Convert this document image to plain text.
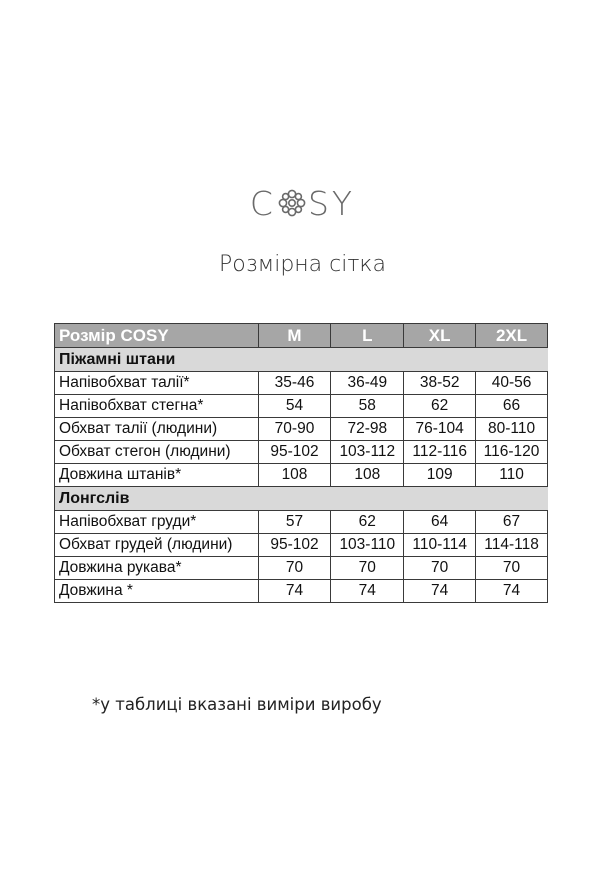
C SY
Розмірна сітка
Розмір COSY	M	L	XL	2XL
Піжамні штани				
Напівобхват талії*	35-46	36-49	38-52	40-56
Напівобхват стегна*	54	58	62	66
Обхват талії (людини)	70-90	72-98	76-104	80-110
Обхват стегон (людини)	95-102	103-112	112-116	116-120
Довжина штанів*	108	108	109	110
Лонгслів				
Напівобхват груди*	57	62	64	67
Обхват грудей (людини)	95-102	103-110	110-114	114-118
Довжина рукава*	70	70	70	70
Довжина *	74	74	74	74
*у таблиці вказані виміри виробу
